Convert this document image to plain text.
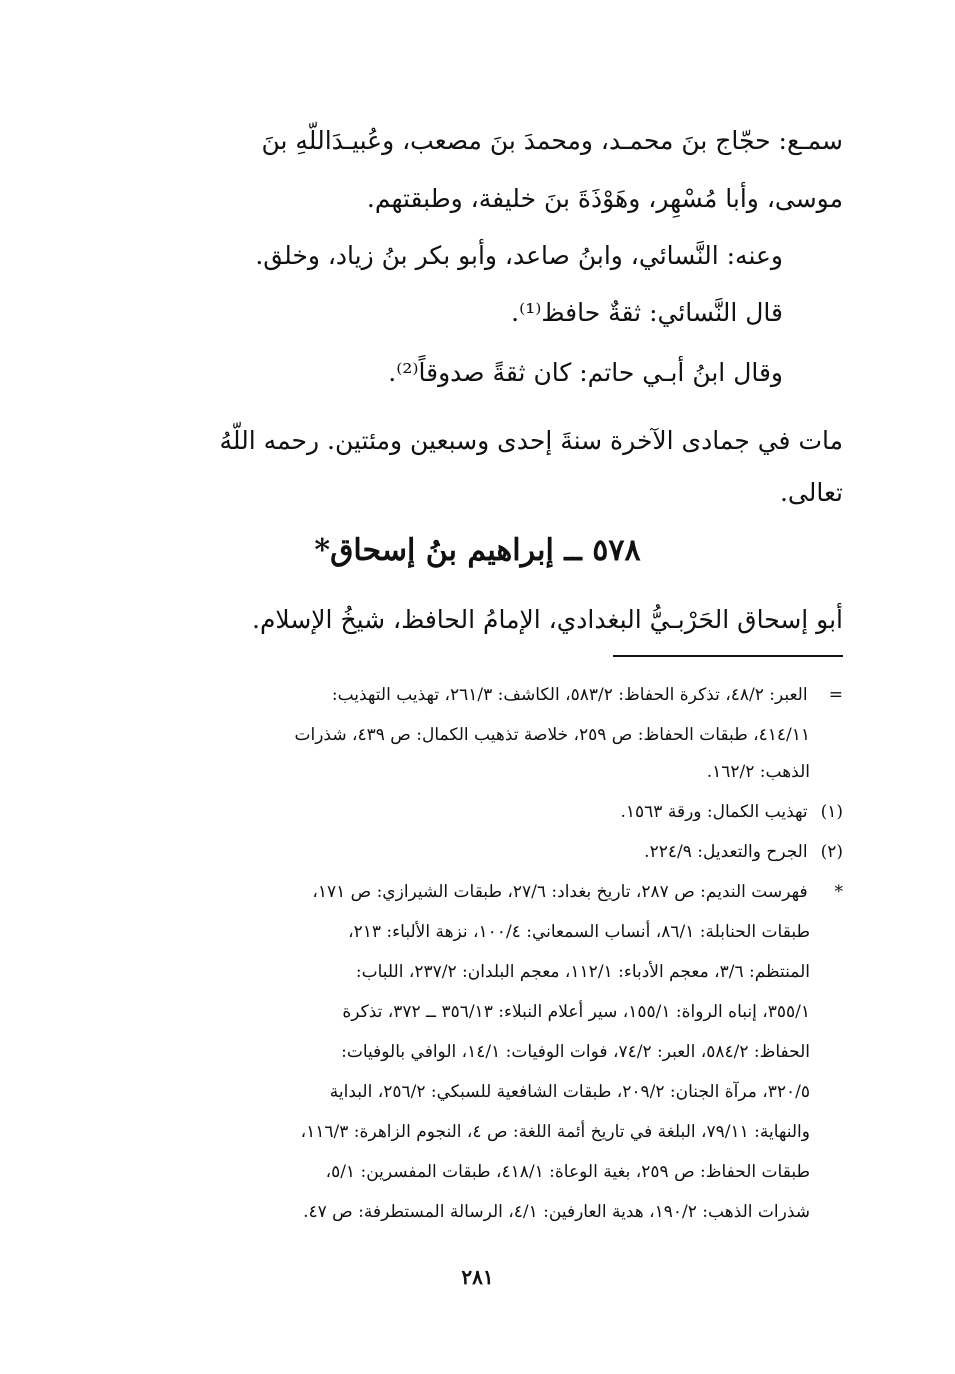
سمـع: حجّاج بنَ محمـد، ومحمدَ بنَ مصعب، وعُبيـدَاللّهِ بنَ
موسى، وأبا مُسْهِر، وهَوْذَةَ بنَ خليفة، وطبقتهم.
وعنه: النَّسائي، وابنُ صاعد، وأبو بكر بنُ زياد، وخلق.
قال النَّسائي: ثقةٌ حافظ⁽¹⁾.
وقال ابنُ أبـي حاتم: كان ثقةً صدوقاً⁽²⁾.
مات في جمادى الآخرة سنةَ إحدى وسبعين ومئتين. رحمه اللّهُ
تعالى.
٥٧٨ ــ إبراهيم بنُ إسحاق*
أبو إسحاق الحَرْبـيُّ البغدادي، الإمامُ الحافظ، شيخُ الإسلام.
= العبر: ٤٨/٢، تذكرة الحفاظ: ٥٨٣/٢، الكاشف: ٢٦١/٣، تهذيب التهذيب:
٤١٤/١١، طبقات الحفاظ: ص ٢٥٩، خلاصة تذهيب الكمال: ص ٤٣٩، شذرات
الذهب: ١٦٢/٢.
(١) تهذيب الكمال: ورقة ١٥٦٣.
(٢) الجرح والتعديل: ٢٢٤/٩.
* فهرست النديم: ص ٢٨٧، تاريخ بغداد: ٢٧/٦، طبقات الشيرازي: ص ١٧١،
طبقات الحنابلة: ٨٦/١، أنساب السمعاني: ١٠٠/٤، نزهة الألباء: ٢١٣،
المنتظم: ٣/٦، معجم الأدباء: ١١٢/١، معجم البلدان: ٢٣٧/٢، اللباب:
٣٥٥/١، إنباه الرواة: ١٥٥/١، سير أعلام النبلاء: ٣٥٦/١٣ ــ ٣٧٢، تذكرة
الحفاظ: ٥٨٤/٢، العبر: ٧٤/٢، فوات الوفيات: ١٤/١، الوافي بالوفيات:
٣٢٠/٥، مرآة الجنان: ٢٠٩/٢، طبقات الشافعية للسبكي: ٢٥٦/٢، البداية
والنهاية: ٧٩/١١، البلغة في تاريخ أئمة اللغة: ص ٤، النجوم الزاهرة: ١١٦/٣،
طبقات الحفاظ: ص ٢٥٩، بغية الوعاة: ٤١٨/١، طبقات المفسرين: ٥/١،
شذرات الذهب: ١٩٠/٢، هدية العارفين: ٤/١، الرسالة المستطرفة: ص ٤٧.
٢٨١
